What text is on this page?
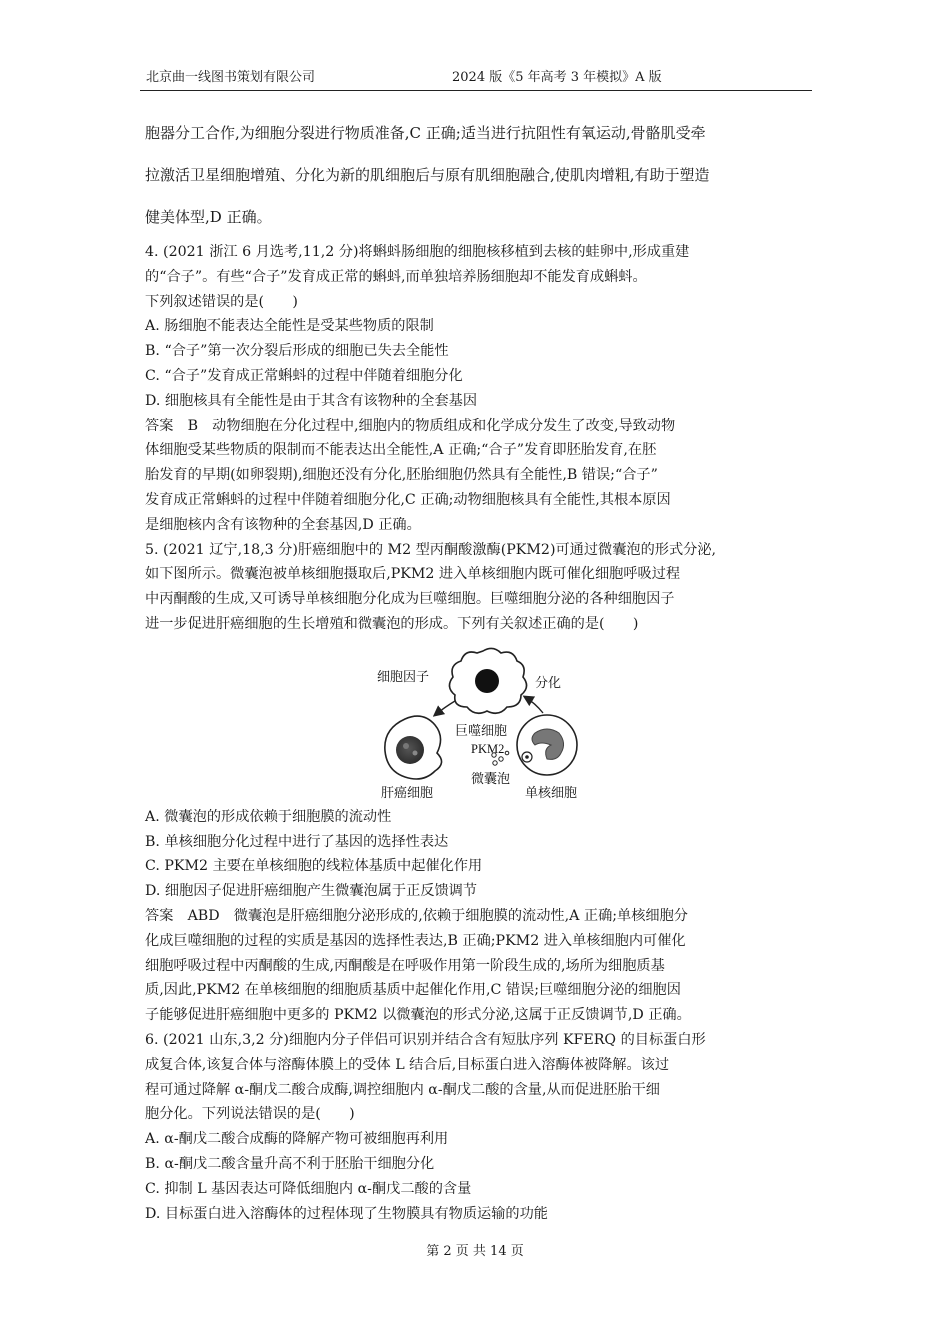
北京曲一线图书策划有限公司	2024 版《5 年高考 3 年模拟》A 版
胞器分工合作,为细胞分裂进行物质准备,C 正确;适当进行抗阻性有氧运动,骨骼肌受牵
拉激活卫星细胞增殖、分化为新的肌细胞后与原有肌细胞融合,使肌肉增粗,有助于塑造
健美体型,D 正确。
4. (2021 浙江 6 月选考,11,2 分)将蝌蚪肠细胞的细胞核移植到去核的蛙卵中,形成重建
的“合子”。有些“合子”发育成正常的蝌蚪,而单独培养肠细胞却不能发育成蝌蚪。
下列叙述错误的是(　　)
A. 肠细胞不能表达全能性是受某些物质的限制
B. “合子”第一次分裂后形成的细胞已失去全能性
C. “合子”发育成正常蝌蚪的过程中伴随着细胞分化
D. 细胞核具有全能性是由于其含有该物种的全套基因
答案　B　动物细胞在分化过程中,细胞内的物质组成和化学成分发生了改变,导致动物
体细胞受某些物质的限制而不能表达出全能性,A 正确;“合子”发育即胚胎发育,在胚
胎发育的早期(如卵裂期),细胞还没有分化,胚胎细胞仍然具有全能性,B 错误;“合子”
发育成正常蝌蚪的过程中伴随着细胞分化,C 正确;动物细胞核具有全能性,其根本原因
是细胞核内含有该物种的全套基因,D 正确。
5. (2021 辽宁,18,3 分)肝癌细胞中的 M2 型丙酮酸激酶(PKM2)可通过微囊泡的形式分泌,
如下图所示。微囊泡被单核细胞摄取后,PKM2 进入单核细胞内既可催化细胞呼吸过程
中丙酮酸的生成,又可诱导单核细胞分化成为巨噬细胞。巨噬细胞分泌的各种细胞因子
进一步促进肝癌细胞的生长增殖和微囊泡的形成。下列有关叙述正确的是(　　)
细胞因子
巨噬细胞
分化
PKM2
微囊泡
肝癌细胞	单核细胞
A. 微囊泡的形成依赖于细胞膜的流动性
B. 单核细胞分化过程中进行了基因的选择性表达
C. PKM2 主要在单核细胞的线粒体基质中起催化作用
D. 细胞因子促进肝癌细胞产生微囊泡属于正反馈调节
答案　ABD　微囊泡是肝癌细胞分泌形成的,依赖于细胞膜的流动性,A 正确;单核细胞分
化成巨噬细胞的过程的实质是基因的选择性表达,B 正确;PKM2 进入单核细胞内可催化
细胞呼吸过程中丙酮酸的生成,丙酮酸是在呼吸作用第一阶段生成的,场所为细胞质基
质,因此,PKM2 在单核细胞的细胞质基质中起催化作用,C 错误;巨噬细胞分泌的细胞因
子能够促进肝癌细胞中更多的 PKM2 以微囊泡的形式分泌,这属于正反馈调节,D 正确。
6. (2021 山东,3,2 分)细胞内分子伴侣可识别并结合含有短肽序列 KFERQ 的目标蛋白形
成复合体,该复合体与溶酶体膜上的受体 L 结合后,目标蛋白进入溶酶体被降解。该过
程可通过降解 α-酮戊二酸合成酶,调控细胞内 α-酮戊二酸的含量,从而促进胚胎干细
胞分化。下列说法错误的是(　　)
A. α-酮戊二酸合成酶的降解产物可被细胞再利用
B. α-酮戊二酸含量升高不利于胚胎干细胞分化
C. 抑制 L 基因表达可降低细胞内 α-酮戊二酸的含量
D. 目标蛋白进入溶酶体的过程体现了生物膜具有物质运输的功能
第 2 页 共 14 页
